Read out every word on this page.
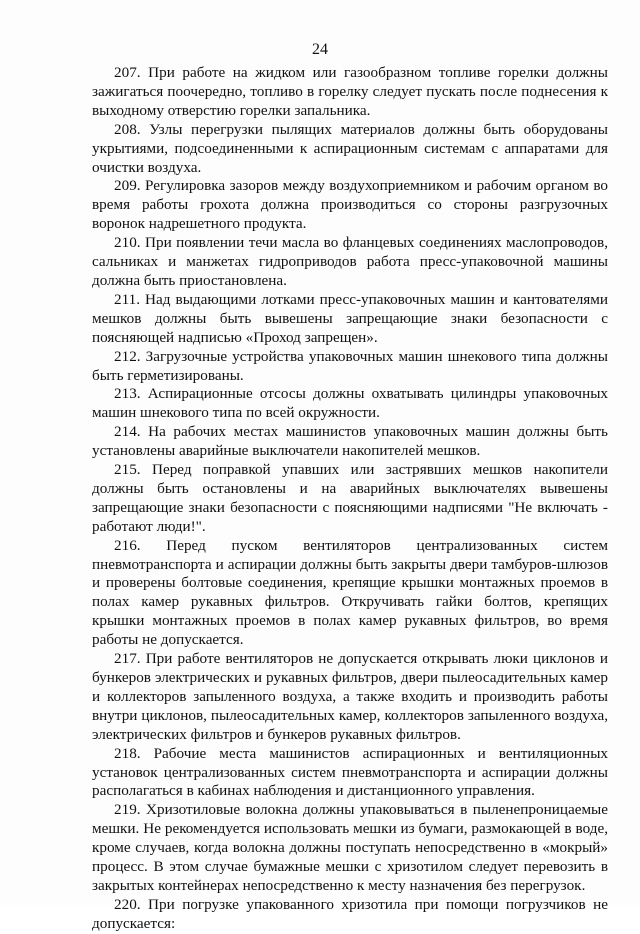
24

207. При работе на жидком или газообразном топливе горелки должны зажигаться поочередно, топливо в горелку следует пускать после поднесения к выходному отверстию горелки запальника.

208. Узлы перегрузки пылящих материалов должны быть оборудованы укрытиями, подсоединенными к аспирационным системам с аппаратами для очистки воздуха.

209. Регулировка зазоров между воздухоприемником и рабочим органом во время работы грохота должна производиться со стороны разгрузочных воронок надрешетного продукта.

210. При появлении течи масла во фланцевых соединениях маслопроводов, сальниках и манжетах гидроприводов работа пресс-упаковочной машины должна быть приостановлена.

211. Над выдающими лотками пресс-упаковочных машин и кантователями мешков должны быть вывешены запрещающие знаки безопасности с поясняющей надписью «Проход запрещен».

212. Загрузочные устройства упаковочных машин шнекового типа должны быть герметизированы.

213. Аспирационные отсосы должны охватывать цилиндры упаковочных машин шнекового типа по всей окружности.

214. На рабочих местах машинистов упаковочных машин должны быть установлены аварийные выключатели накопителей мешков.

215. Перед поправкой упавших или застрявших мешков накопители должны быть остановлены и на аварийных выключателях вывешены запрещающие знаки безопасности с поясняющими надписями "Не включать - работают люди!".

216. Перед пуском вентиляторов централизованных систем пневмотранспорта и аспирации должны быть закрыты двери тамбуров-шлюзов и проверены болтовые соединения, крепящие крышки монтажных проемов в полах камер рукавных фильтров. Откручивать гайки болтов, крепящих крышки монтажных проемов в полах камер рукавных фильтров, во время работы не допускается.

217. При работе вентиляторов не допускается открывать люки циклонов и бункеров электрических и рукавных фильтров, двери пылеосадительных камер и коллекторов запыленного воздуха, а также входить и производить работы внутри циклонов, пылеосадительных камер, коллекторов запыленного воздуха, электрических фильтров и бункеров рукавных фильтров.

218. Рабочие места машинистов аспирационных и вентиляционных установок централизованных систем пневмотранспорта и аспирации должны располагаться в кабинах наблюдения и дистанционного управления.

219. Хризотиловые волокна должны упаковываться в пыленепроницаемые мешки. Не рекомендуется использовать мешки из бумаги, размокающей в воде, кроме случаев, когда волокна должны поступать непосредственно в «мокрый» процесс. В этом случае бумажные мешки с хризотилом следует перевозить в закрытых контейнерах непосредственно к месту назначения без перегрузок.

220. При погрузке упакованного хризотила при помощи погрузчиков не допускается:
